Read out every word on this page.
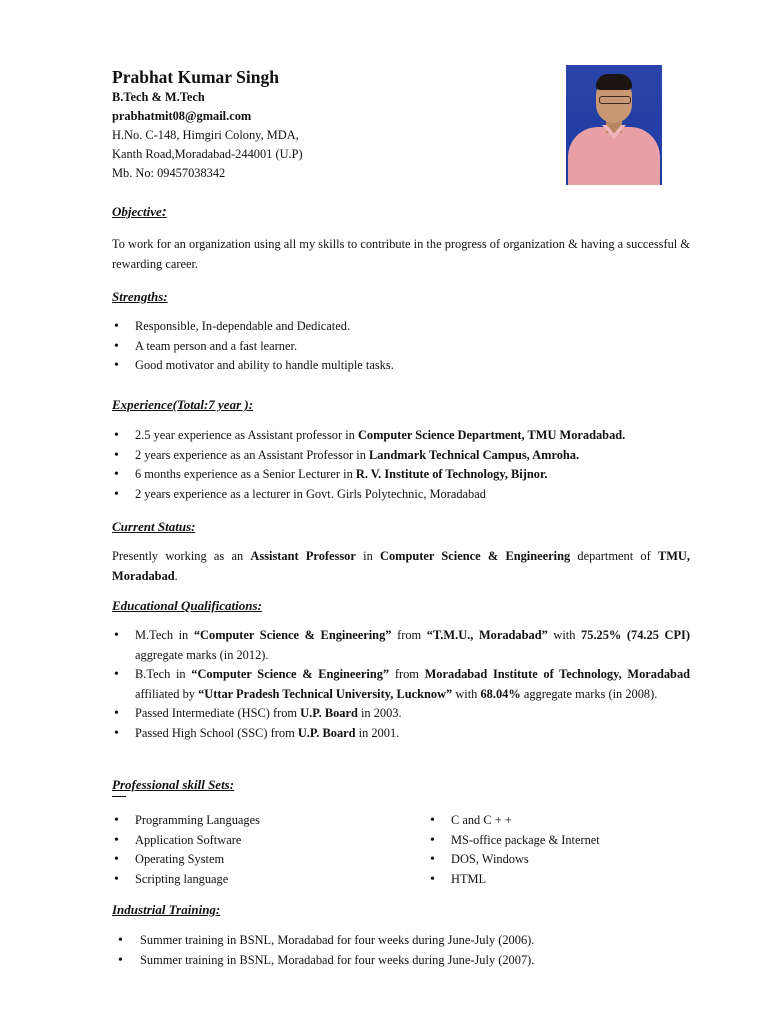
Prabhat Kumar Singh
B.Tech & M.Tech
prabhatmit08@gmail.com
H.No. C-148, Himgiri Colony, MDA,
Kanth Road,Moradabad-244001 (U.P)
Mb. No: 09457038342
Objective:
To work for an organization using all my skills to contribute in the progress of organization & having a successful & rewarding career.
Strengths:
• Responsible, In-dependable and Dedicated.
• A team person and a fast learner.
• Good motivator and ability to handle multiple tasks.
Experience(Total:7 year ):
• 2.5 year experience as Assistant professor in Computer Science Department, TMU Moradabad.
• 2 years experience as an Assistant Professor in Landmark Technical Campus, Amroha.
• 6 months experience as a Senior Lecturer in R. V. Institute of Technology, Bijnor.
• 2 years experience as a lecturer in Govt. Girls Polytechnic, Moradabad
Current Status:
Presently working as an Assistant Professor in Computer Science & Engineering department of TMU, Moradabad.
Educational Qualifications:
• M.Tech in “Computer Science & Engineering” from “T.M.U., Moradabad” with 75.25% (74.25 CPI) aggregate marks (in 2012).
• B.Tech in “Computer Science & Engineering” from Moradabad Institute of Technology, Moradabad affiliated by “Uttar Pradesh Technical University, Lucknow” with 68.04% aggregate marks (in 2008).
• Passed Intermediate (HSC) from U.P. Board in 2003.
• Passed High School (SSC) from U.P. Board in 2001.
Professional skill Sets:
• Programming Languages
• Application Software
• Operating System
• Scripting language
• C and C + +
• MS-office package & Internet
• DOS, Windows
• HTML
Industrial Training:
• Summer training in BSNL, Moradabad for four weeks during June-July (2006).
• Summer training in BSNL, Moradabad for four weeks during June-July (2007).
